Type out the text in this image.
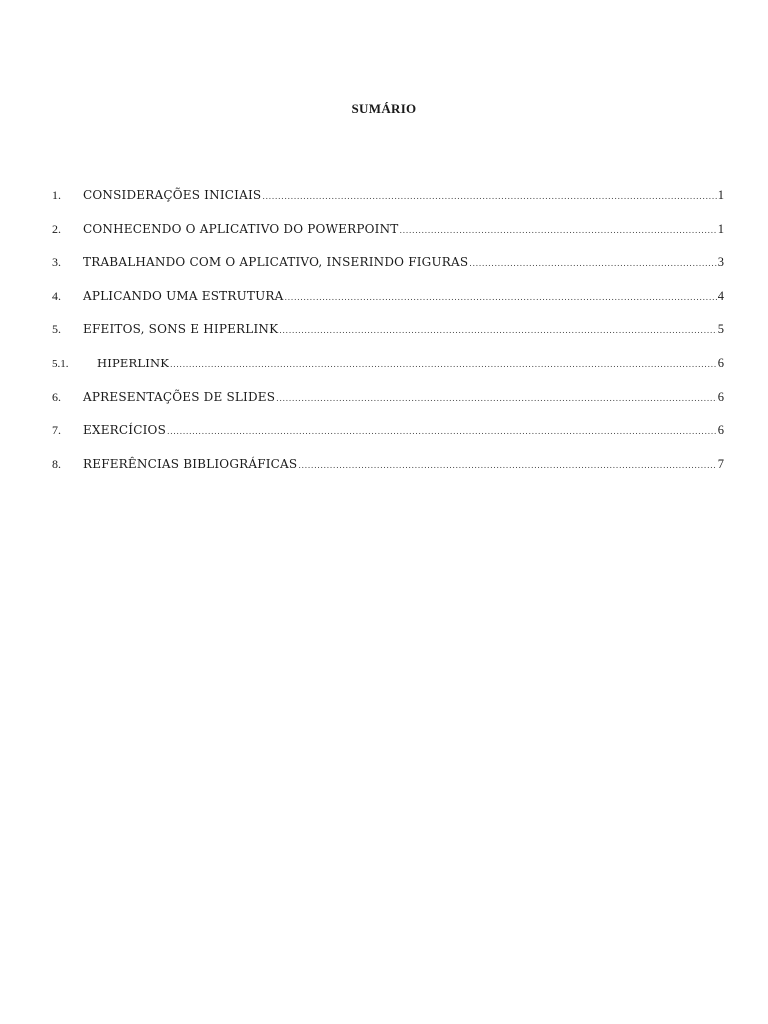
SUMÁRIO
1.	CONSIDERAÇÕES INICIAIS .....	1
2.	CONHECENDO O APLICATIVO DO POWERPOINT .....	1
3.	TRABALHANDO COM O APLICATIVO, INSERINDO FIGURAS .....	3
4.	APLICANDO UMA ESTRUTURA .....	4
5.	EFEITOS, SONS E HIPERLINK .....	5
5.1.	HIPERLINK .....	6
6.	APRESENTAÇÕES DE SLIDES .....	6
7.	EXERCÍCIOS .....	6
8.	REFERÊNCIAS BIBLIOGRÁFICAS .....	7
